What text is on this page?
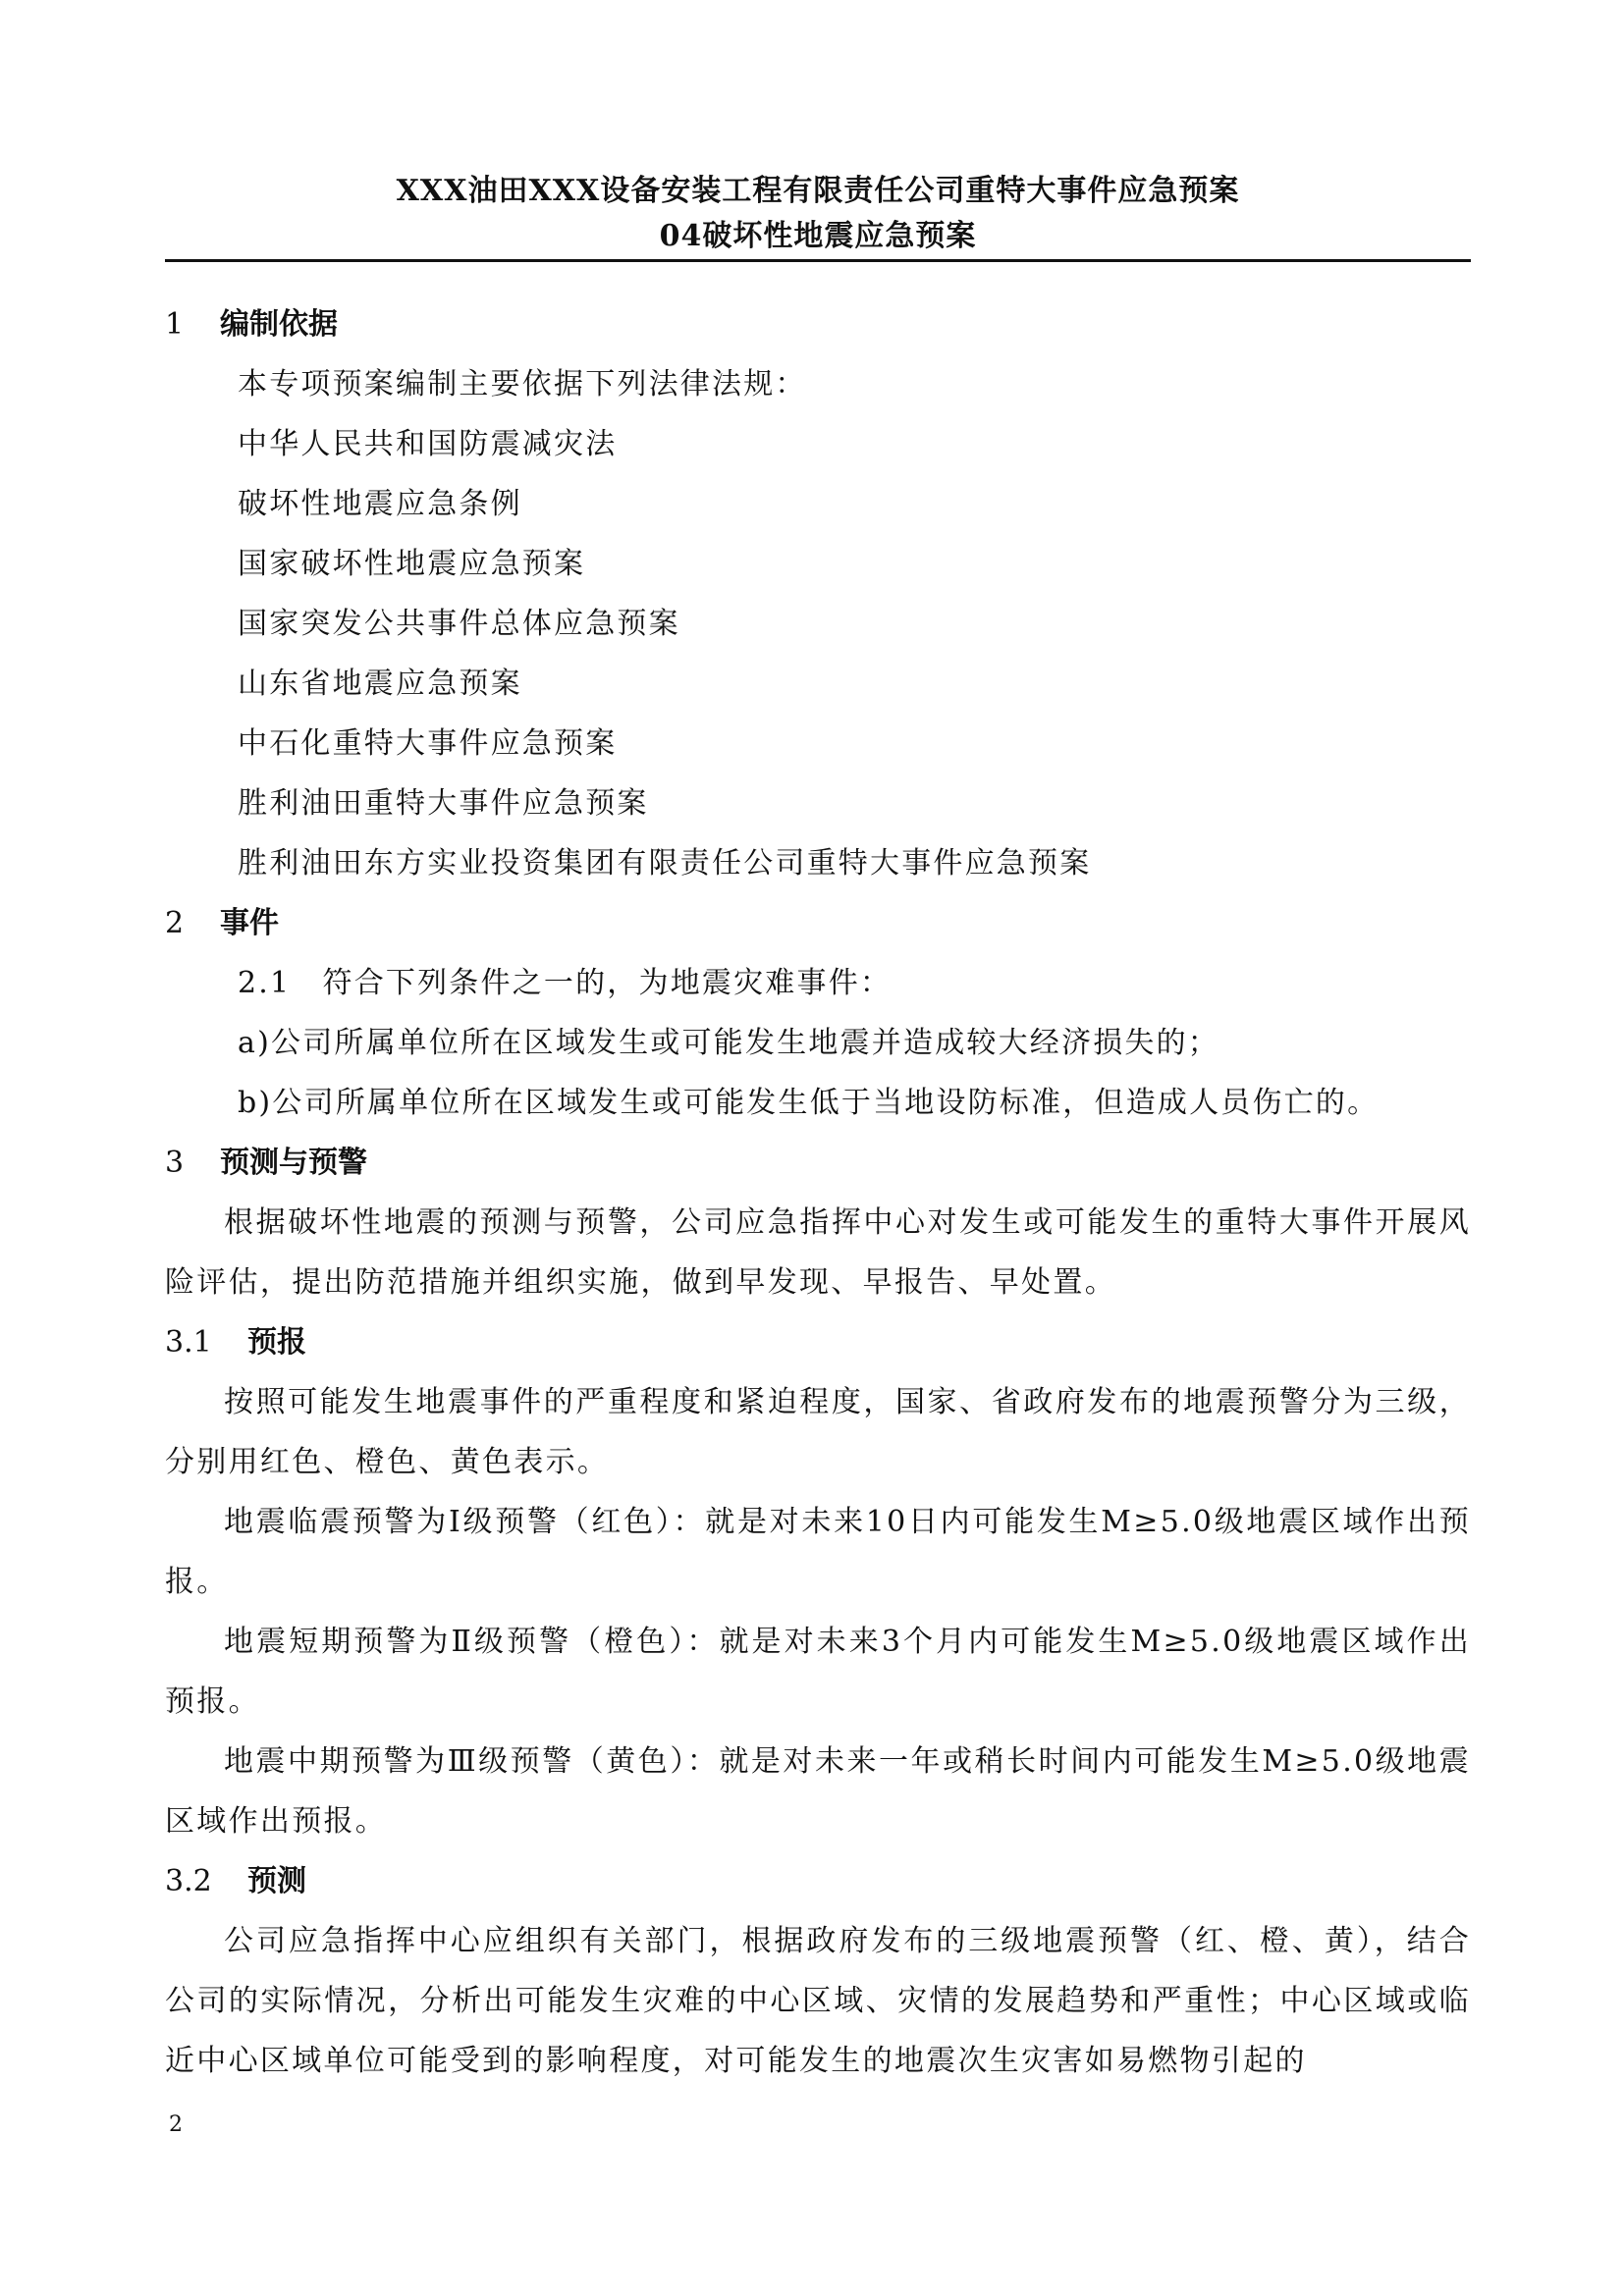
XXX油田XXX设备安装工程有限责任公司重特大事件应急预案
04破坏性地震应急预案
1 编制依据
本专项预案编制主要依据下列法律法规：
中华人民共和国防震减灾法
破坏性地震应急条例
国家破坏性地震应急预案
国家突发公共事件总体应急预案
山东省地震应急预案
中石化重特大事件应急预案
胜利油田重特大事件应急预案
胜利油田东方实业投资集团有限责任公司重特大事件应急预案
2 事件
2.1　符合下列条件之一的，为地震灾难事件：
a)公司所属单位所在区域发生或可能发生地震并造成较大经济损失的；
b)公司所属单位所在区域发生或可能发生低于当地设防标准，但造成人员伤亡的。
3 预测与预警
根据破坏性地震的预测与预警，公司应急指挥中心对发生或可能发生的重特大事件开展风险评估，提出防范措施并组织实施，做到早发现、早报告、早处置。
3.1 预报
按照可能发生地震事件的严重程度和紧迫程度，国家、省政府发布的地震预警分为三级，分别用红色、橙色、黄色表示。
地震临震预警为Ⅰ级预警（红色）：就是对未来10日内可能发生M≥5.0级地震区域作出预报。
地震短期预警为Ⅱ级预警（橙色）：就是对未来3个月内可能发生M≥5.0级地震区域作出预报。
地震中期预警为Ⅲ级预警（黄色）：就是对未来一年或稍长时间内可能发生M≥5.0级地震区域作出预报。
3.2 预测
公司应急指挥中心应组织有关部门，根据政府发布的三级地震预警（红、橙、黄），结合公司的实际情况，分析出可能发生灾难的中心区域、灾情的发展趋势和严重性；中心区域或临近中心区域单位可能受到的影响程度，对可能发生的地震次生灾害如易燃物引起的
2
